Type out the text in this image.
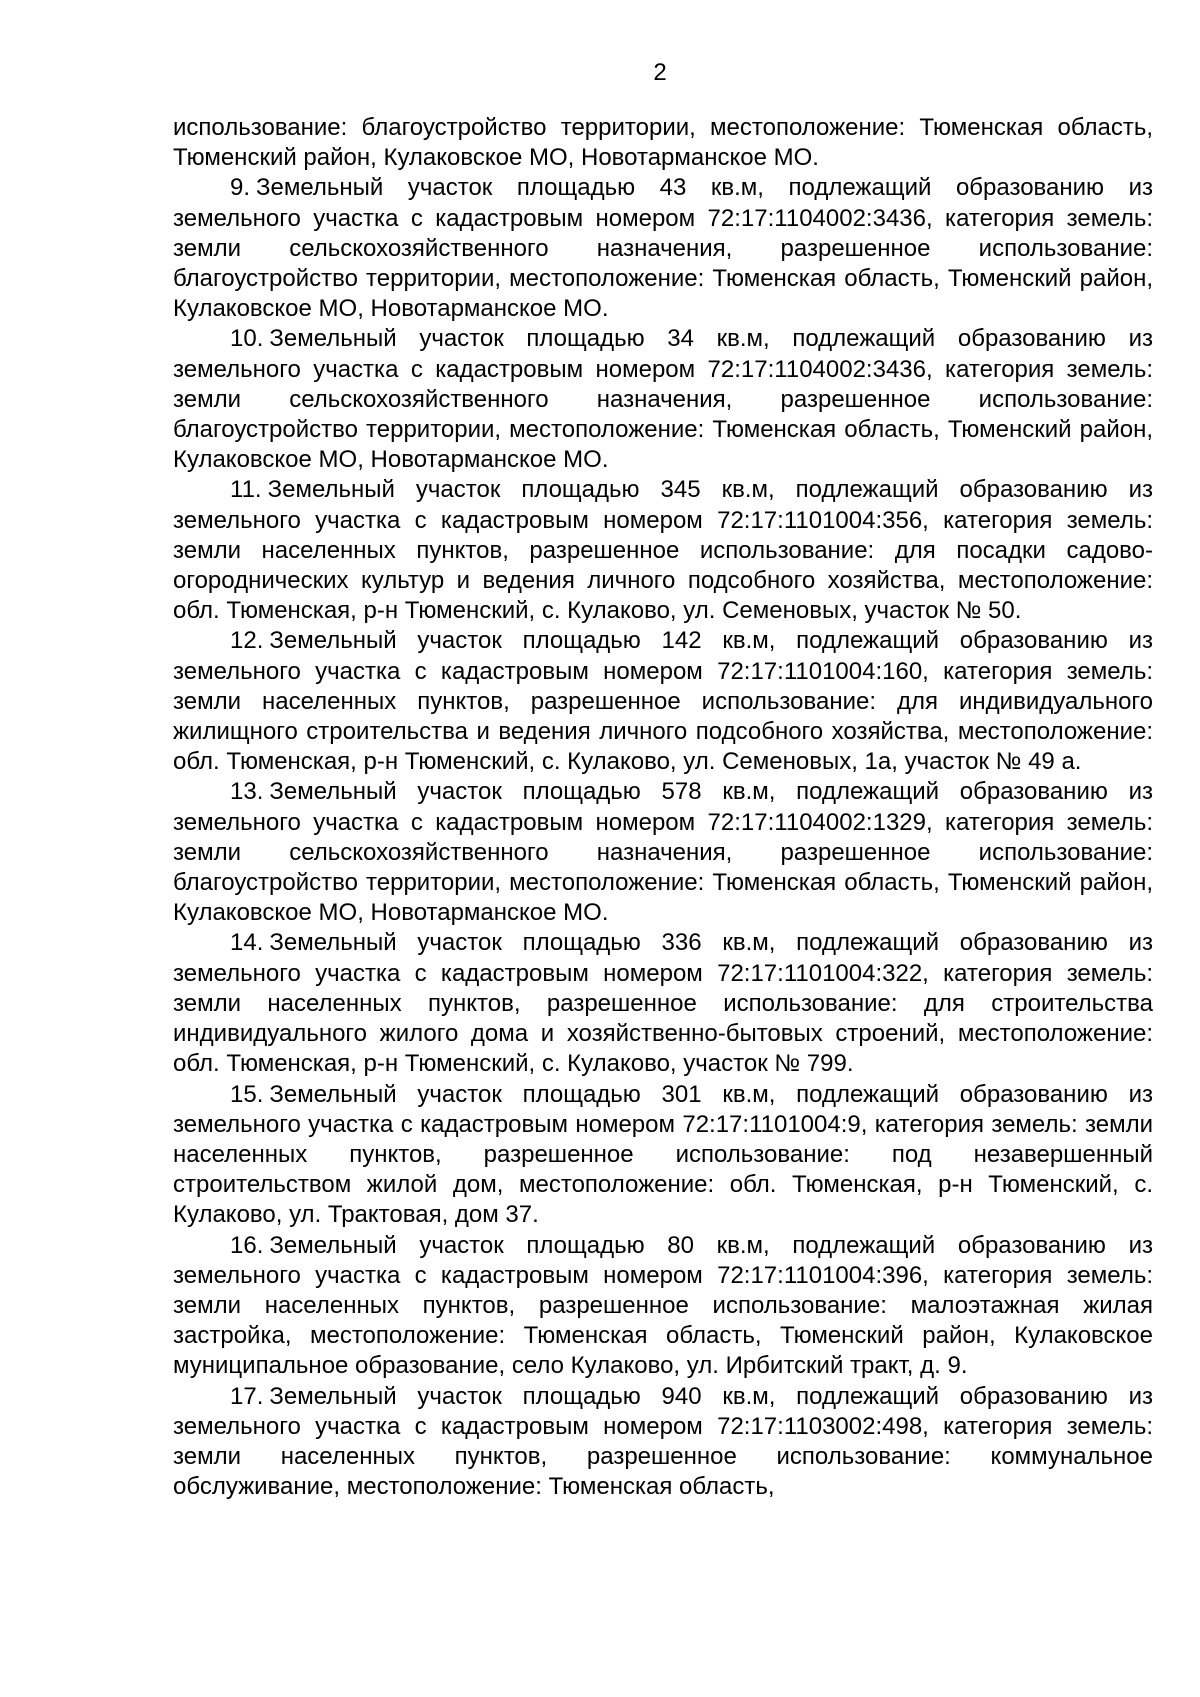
2

использование: благоустройство территории, местоположение: Тюменская область, Тюменский район, Кулаковское МО, Новотарманское МО.

9. Земельный участок площадью 43 кв.м, подлежащий образованию из земельного участка с кадастровым номером 72:17:1104002:3436, категория земель: земли сельскохозяйственного назначения, разрешенное использование: благоустройство территории, местоположение: Тюменская область, Тюменский район, Кулаковское МО, Новотарманское МО.

10. Земельный участок площадью 34 кв.м, подлежащий образованию из земельного участка с кадастровым номером 72:17:1104002:3436, категория земель: земли сельскохозяйственного назначения, разрешенное использование: благоустройство территории, местоположение: Тюменская область, Тюменский район, Кулаковское МО, Новотарманское МО.

11. Земельный участок площадью 345 кв.м, подлежащий образованию из земельного участка с кадастровым номером 72:17:1101004:356, категория земель: земли населенных пунктов, разрешенное использование: для посадки садово-огороднических культур и ведения личного подсобного хозяйства, местоположение: обл. Тюменская, р-н Тюменский, с. Кулаково, ул. Семеновых, участок № 50.

12. Земельный участок площадью 142 кв.м, подлежащий образованию из земельного участка с кадастровым номером 72:17:1101004:160, категория земель: земли населенных пунктов, разрешенное использование: для индивидуального жилищного строительства и ведения личного подсобного хозяйства, местоположение: обл. Тюменская, р-н Тюменский, с. Кулаково, ул. Семеновых, 1а, участок № 49 а.

13. Земельный участок площадью 578 кв.м, подлежащий образованию из земельного участка с кадастровым номером 72:17:1104002:1329, категория земель: земли сельскохозяйственного назначения, разрешенное использование: благоустройство территории, местоположение: Тюменская область, Тюменский район, Кулаковское МО, Новотарманское МО.

14. Земельный участок площадью 336 кв.м, подлежащий образованию из земельного участка с кадастровым номером 72:17:1101004:322, категория земель: земли населенных пунктов, разрешенное использование: для строительства индивидуального жилого дома и хозяйственно-бытовых строений, местоположение: обл. Тюменская, р-н Тюменский, с. Кулаково, участок № 799.

15. Земельный участок площадью 301 кв.м, подлежащий образованию из земельного участка с кадастровым номером 72:17:1101004:9, категория земель: земли населенных пунктов, разрешенное использование: под незавершенный строительством жилой дом, местоположение: обл. Тюменская, р-н Тюменский, с. Кулаково, ул. Трактовая, дом 37.

16. Земельный участок площадью 80 кв.м, подлежащий образованию из земельного участка с кадастровым номером 72:17:1101004:396, категория земель: земли населенных пунктов, разрешенное использование: малоэтажная жилая застройка, местоположение: Тюменская область, Тюменский район, Кулаковское муниципальное образование, село Кулаково, ул. Ирбитский тракт, д. 9.

17. Земельный участок площадью 940 кв.м, подлежащий образованию из земельного участка с кадастровым номером 72:17:1103002:498, категория земель: земли населенных пунктов, разрешенное использование: коммунальное обслуживание, местоположение: Тюменская область,
